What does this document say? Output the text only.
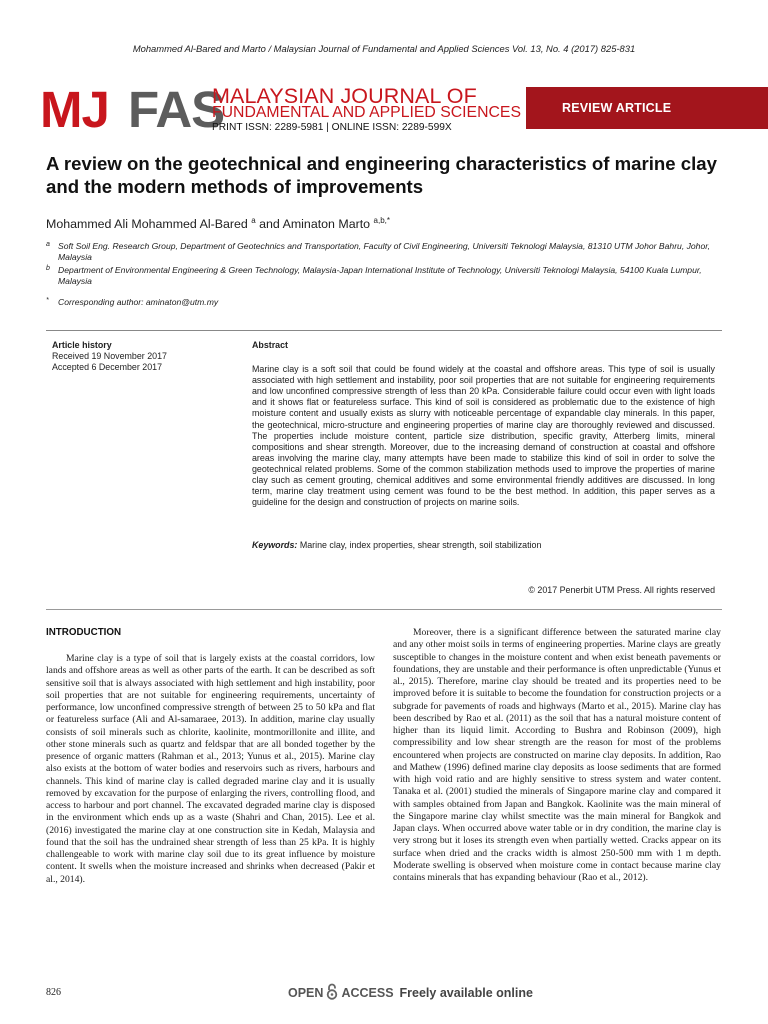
Mohammed Al-Bared and Marto / Malaysian Journal of Fundamental and Applied Sciences Vol. 13, No. 4 (2017) 825-831
MJ FAS
MALAYSIAN JOURNAL OF
FUNDAMENTAL AND APPLIED SCIENCES
PRINT ISSN: 2289-5981 | ONLINE ISSN: 2289-599X
REVIEW ARTICLE
A review on the geotechnical and engineering characteristics of marine clay and the modern methods of improvements
Mohammed Ali Mohammed Al-Bared $^a$ and Aminaton Marto $^{a,b,*}$
a Soft Soil Eng. Research Group, Department of Geotechnics and Transportation, Faculty of Civil Engineering, Universiti Teknologi Malaysia, 81310 UTM Johor Bahru, Johor, Malaysia
b Department of Environmental Engineering & Green Technology, Malaysia-Japan International Institute of Technology, Universiti Teknologi Malaysia, 54100 Kuala Lumpur, Malaysia
* Corresponding author: aminaton@utm.my
Article history
Received 19 November 2017
Accepted 6 December 2017
Abstract
Marine clay is a soft soil that could be found widely at the coastal and offshore areas. This type of soil is usually associated with high settlement and instability, poor soil properties that are not suitable for engineering requirements and low unconfined compressive strength of less than 20 kPa. Considerable failure could occur even with light loads and it shows flat or featureless surface. This kind of soil is considered as problematic due to the existence of high moisture content and usually exists as slurry with noticeable percentage of expandable clay minerals. In this paper, the geotechnical, micro-structure and engineering properties of marine clay are thoroughly reviewed and discussed. The properties include moisture content, particle size distribution, specific gravity, Atterberg limits, mineral compositions and shear strength. Moreover, due to the increasing demand of construction at coastal and offshore areas involving the marine clay, many attempts have been made to stabilize this kind of soil in order to solve the geotechnical related problems. Some of the common stabilization methods used to improve the properties of marine clay such as cement grouting, chemical additives and some environmental friendly additives are discussed. In long term, marine clay treatment using cement was found to be the best method. In addition, this paper serves as a guideline for the design and construction of projects on marine soils.
Keywords: Marine clay, index properties, shear strength, soil stabilization
© 2017 Penerbit UTM Press. All rights reserved
INTRODUCTION

Marine clay is a type of soil that is largely exists at the coastal corridors, low lands and offshore areas as well as other parts of the earth. It can be described as soft sensitive soil that is always associated with high settlement and high instability, poor soil properties that are not suitable for engineering requirements, uncertainty of performance, low unconfined compressive strength of between 25 to 50 kPa and flat or featureless surface (Ali and Al-samaraee, 2013). In addition, marine clay usually consists of soil minerals such as chlorite, kaolinite, montmorillonite and illite, and other stone minerals such as quartz and feldspar that are all bonded together by the presence of organic matters (Rahman et al., 2013; Yunus et al., 2015). Marine clay also exists at the bottom of water bodies and reservoirs such as rivers, harbours and channels. This kind of marine clay is called degraded marine clay and it is usually removed by excavation for the purpose of enlarging the rivers, controlling flood, and access to harbour and port channel. The excavated degraded marine clay is disposed in the environment which ends up as a waste (Shahri and Chan, 2015). Lee et al. (2016) investigated the marine clay at one construction site in Kedah, Malaysia and found that the soil has the undrained shear strength of less than 25 kPa. It is highly challengeable to work with marine clay soil due to its great influence by moisture content. It swells when the moisture increased and shrinks when decreased (Pakir et al., 2014).

Moreover, there is a significant difference between the saturated marine clay and any other moist soils in terms of engineering properties. Marine clays are greatly susceptible to changes in the moisture content and when exist beneath pavements or foundations, they are unstable and their performance is often unpredictable (Yunus et al., 2015). Therefore, marine clay should be treated and its properties need to be improved before it is suitable to become the foundation for construction projects or a subgrade for pavements of roads and highways (Marto et al., 2015). Marine clay has been described by Rao et al. (2011) as the soil that has a natural moisture content of higher than its liquid limit. According to Bushra and Robinson (2009), high compressibility and low shear strength are the reason for most of the problems encountered when projects are constructed on marine clay deposits. In addition, Rao and Mathew (1996) defined marine clay deposits as loose sediments that are formed with high void ratio and are highly sensitive to stress system and water content. Tanaka et al. (2001) studied the minerals of Singapore marine clay and compared it with samples obtained from Japan and Bangkok. Kaolinite was the main mineral of the Singapore marine clay whilst smectite was the main mineral for Bangkok and Japan clays. When occurred above water table or in dry condition, the marine clay is very strong but it loses its strength even when partially wetted. Cracks appear on its surface when dried and the cracks width is almost 250-500 mm with 1 m depth. Moderate swelling is observed when moisture come in contact because marine clay contains minerals that has expanding behaviour (Rao et al., 2012).

826	OPEN ACCESS Freely available online
